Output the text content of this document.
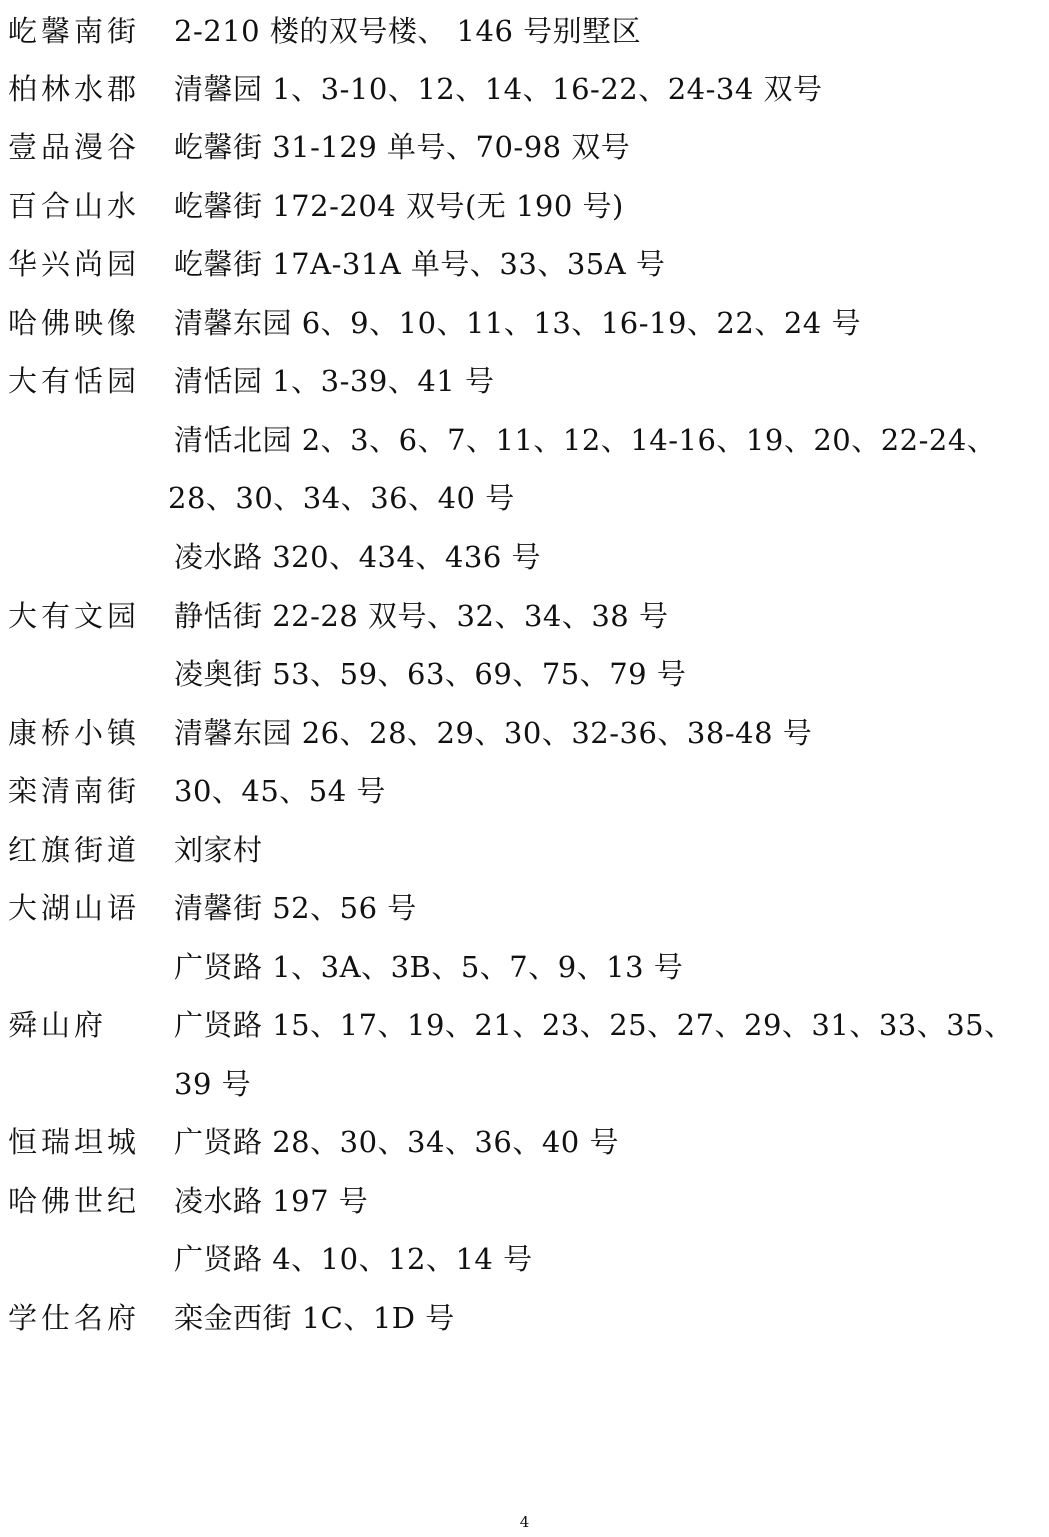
屹馨南街 2-210 楼的双号楼、 146 号别墅区
柏林水郡 清馨园 1、3-10、12、14、16-22、24-34 双号
壹品漫谷 屹馨街 31-129 单号、70-98 双号
百合山水 屹馨街 172-204 双号(无 190 号)
华兴尚园 屹馨街 17A-31A 单号、33、35A 号
哈佛映像 清馨东园 6、9、10、11、13、16-19、22、24 号
大有恬园 清恬园 1、3-39、41 号
清恬北园 2、3、6、7、11、12、14-16、19、20、22-24、
28、30、34、36、40 号
凌水路 320、434、436 号
大有文园 静恬街 22-28 双号、32、34、38 号
凌奥街 53、59、63、69、75、79 号
康桥小镇 清馨东园 26、28、29、30、32-36、38-48 号
栾清南街 30、45、54 号
红旗街道 刘家村
大湖山语 清馨街 52、56 号
广贤路 1、3A、3B、5、7、9、13 号
舜山府 广贤路 15、17、19、21、23、25、27、29、31、33、35、
39 号
恒瑞坦城 广贤路 28、30、34、36、40 号
哈佛世纪 凌水路 197 号
广贤路 4、10、12、14 号
学仕名府 栾金西街 1C、1D 号
4
